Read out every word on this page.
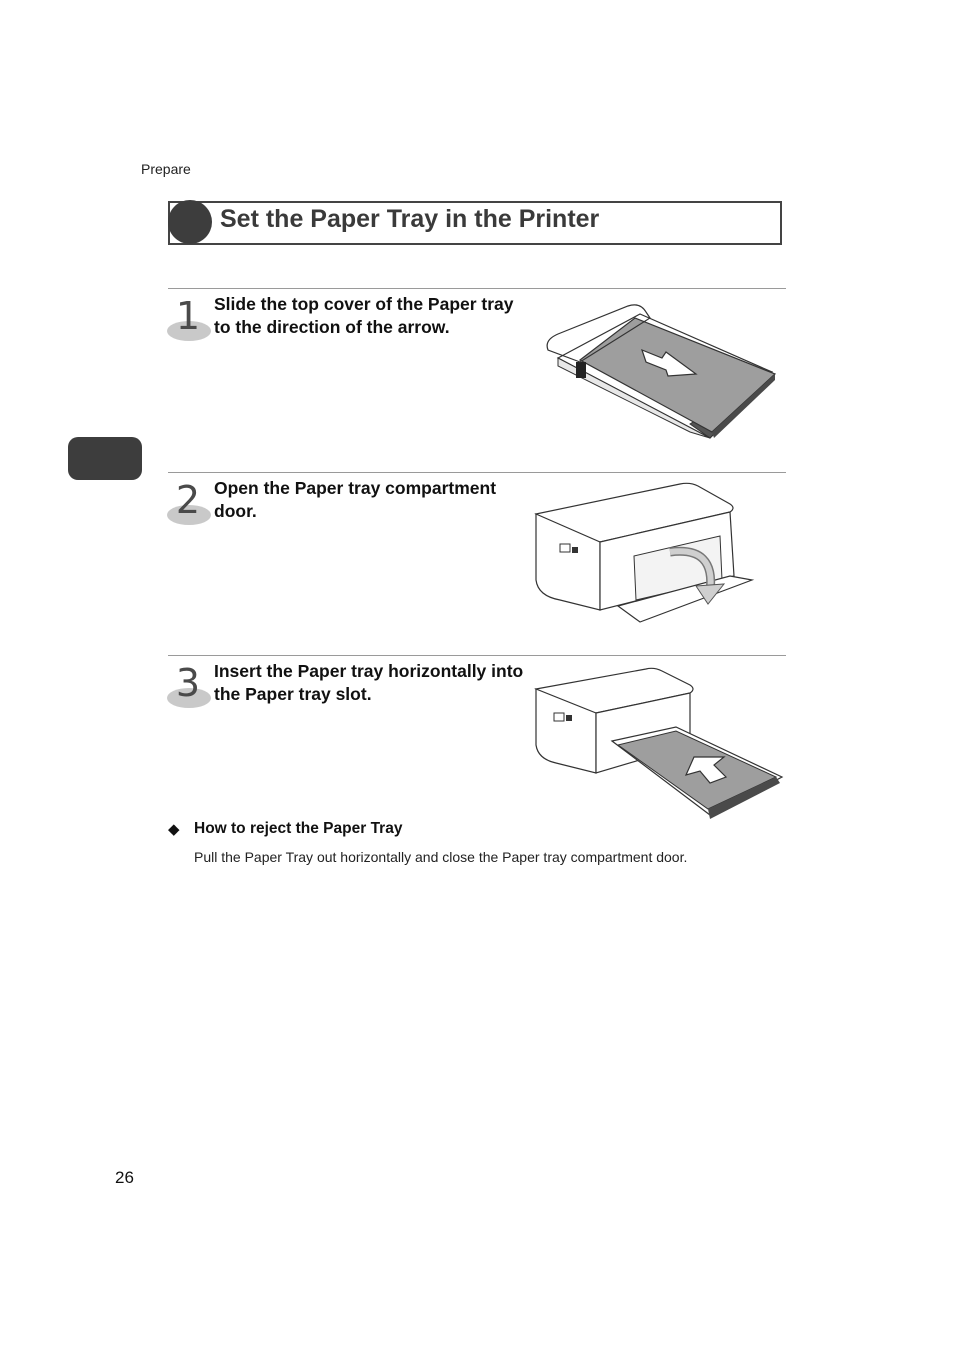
Prepare
Set the Paper Tray in the Printer
1 Slide the top cover of the Paper tray to the direction of the arrow.
2 Open the Paper tray compartment door.
3 Insert the Paper tray horizontally into the Paper tray slot.
◆ How to reject the Paper Tray
Pull the Paper Tray out horizontally and close the Paper tray compartment door.
26
